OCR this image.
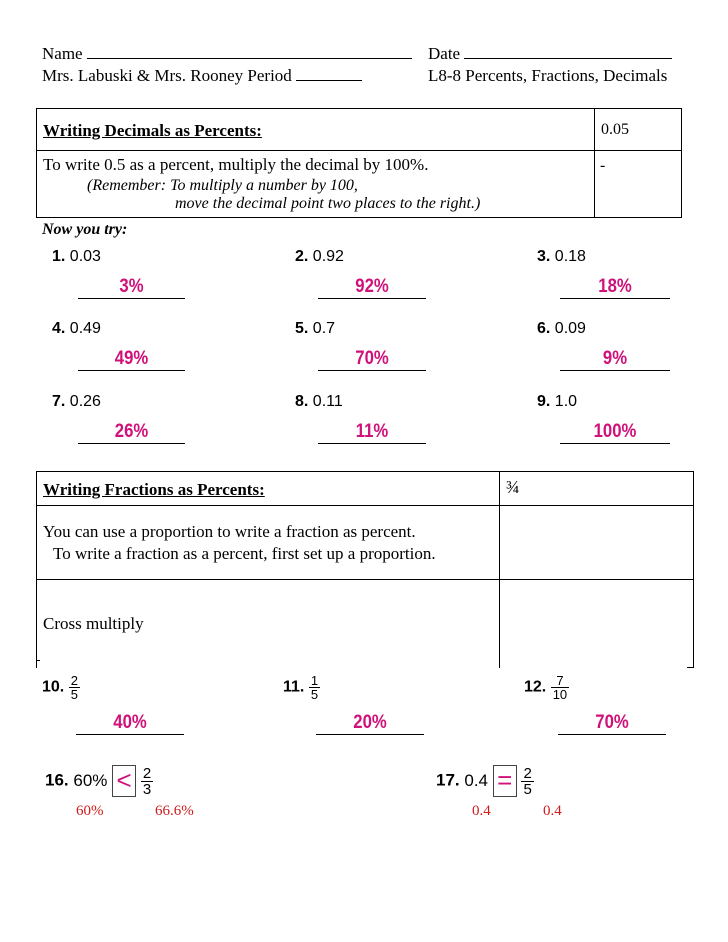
Name	Date
Mrs. Labuski & Mrs. Rooney Period	L8-8 Percents, Fractions, Decimals
Writing Decimals as Percents:	0.05

To write 0.5 as a percent, multiply the decimal by 100%.
(Remember: To multiply a number by 100,
move the decimal point two places to the right.)	-
Now you try:
1. 0.03
3%
2. 0.92
92%
3. 0.18
18%
4. 0.49
49%
5. 0.7
70%
6. 0.09
9%
7. 0.26
26%
8. 0.11
11%
9. 1.0
100%
Writing Fractions as Percents:	¾

You can use a proportion to write a fraction as percent.
To write a fraction as a percent, first set up a proportion.	

Cross multiply	

10. $\frac{2}{5}$
40%
11. $\frac{1}{5}$
20%
12. $\frac{7}{10}$
70%
16. $60\% < \frac{2}{3}$
60%	66.6%
17. $0.4 = \frac{2}{5}$
0.4	0.4
